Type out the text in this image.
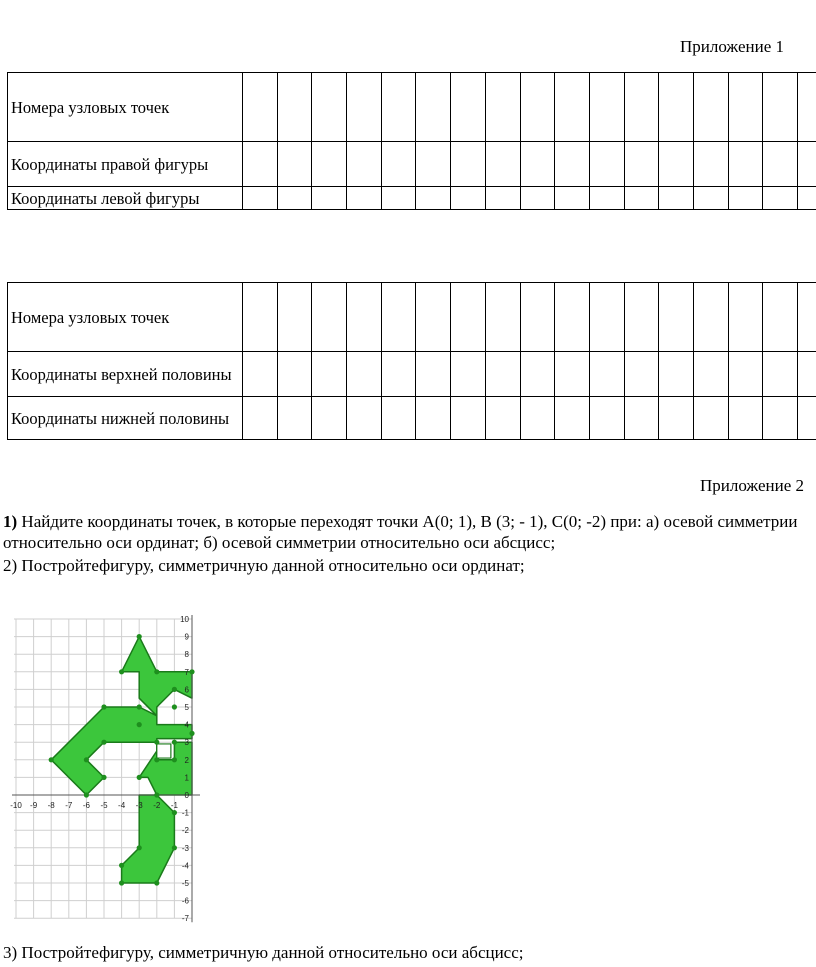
Приложение 1
Номера узловых точек																	
Координаты правой фигуры																	
Координаты левой фигуры																	
Номера узловых точек																	
Координаты верхней половины																	
Координаты нижней половины																	
Приложение 2
1) Найдите координаты точек, в которые переходят точки А(0; 1), В (3; - 1), С(0; -2) при: а) осевой симметрии относительно оси ординат; б) осевой симметрии относительно оси абсцисс;
2) Постройтефигуру, симметричную данной относительно оси ординат;
-10 -9 -8 -7 -6 -5 -4 -3 -2 -1
10
9
8
7
6
5
4
3
2
1
0
-1
-2
-3
-4
-5
-6
-7
3) Постройтефигуру, симметричную данной относительно оси абсцисс;
